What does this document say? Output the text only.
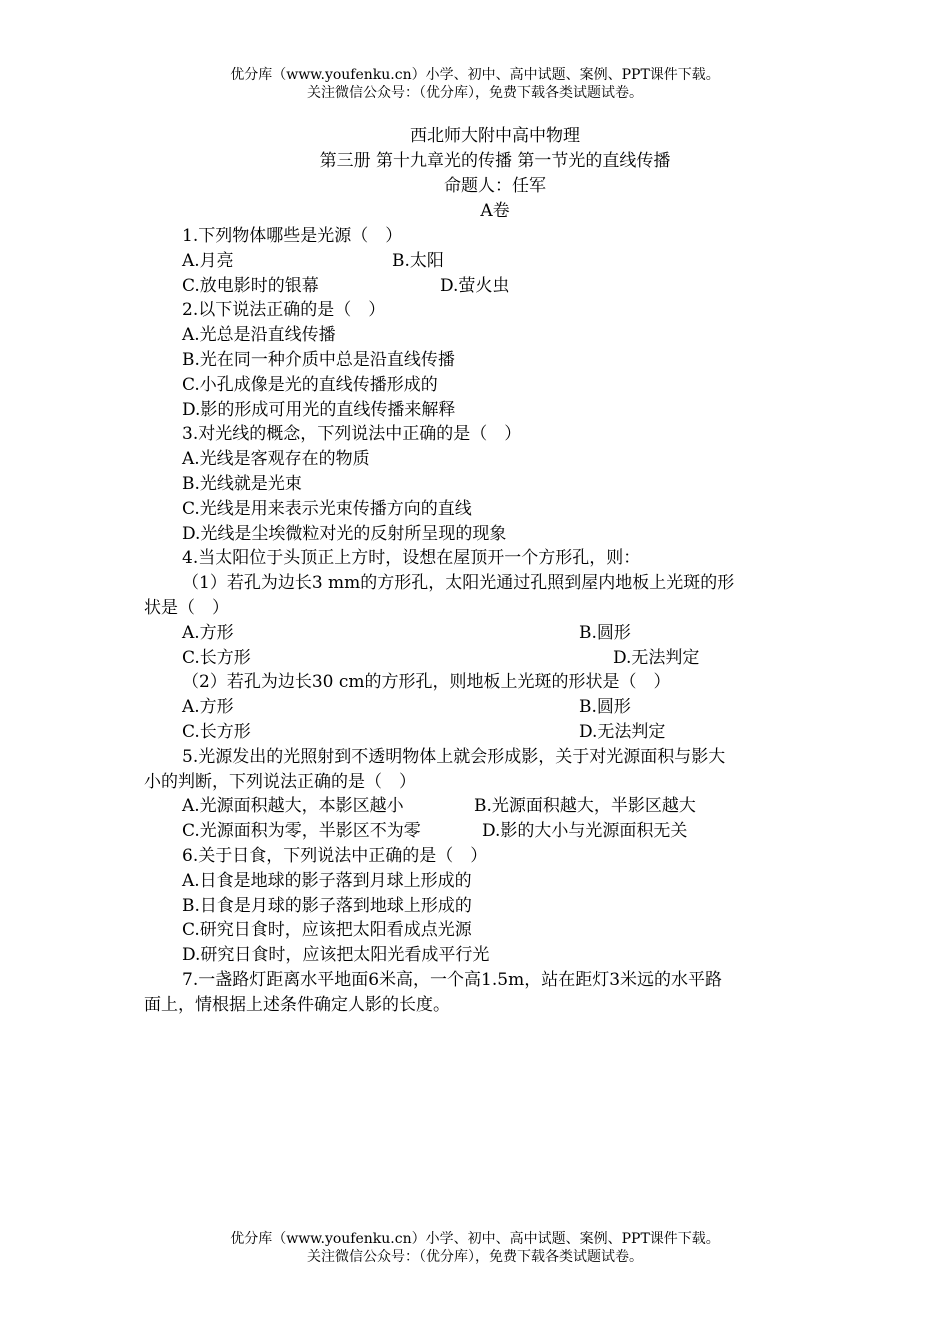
优分库（www.youfenku.cn）小学、初中、高中试题、案例、PPT课件下载。
关注微信公众号：（优分库），免费下载各类试题试卷。
西北师大附中高中物理
第三册 第十九章光的传播 第一节光的直线传播
命题人：任军
A卷
1.下列物体哪些是光源（　）
A.月亮	B.太阳
C.放电影时的银幕	D.萤火虫
2.以下说法正确的是（　）
A.光总是沿直线传播
B.光在同一种介质中总是沿直线传播
C.小孔成像是光的直线传播形成的
D.影的形成可用光的直线传播来解释
3.对光线的概念，下列说法中正确的是（　）
A.光线是客观存在的物质
B.光线就是光束
C.光线是用来表示光束传播方向的直线
D.光线是尘埃微粒对光的反射所呈现的现象
4.当太阳位于头顶正上方时，设想在屋顶开一个方形孔，则：
（1）若孔为边长3 mm的方形孔，太阳光通过孔照到屋内地板上光斑的形
状是（　）
A.方形	B.圆形
C.长方形	D.无法判定
（2）若孔为边长30 cm的方形孔，则地板上光斑的形状是（　）
A.方形	B.圆形
C.长方形	D.无法判定
5.光源发出的光照射到不透明物体上就会形成影，关于对光源面积与影大
小的判断，下列说法正确的是（　）
A.光源面积越大，本影区越小	B.光源面积越大，半影区越大
C.光源面积为零，半影区不为零	D.影的大小与光源面积无关
6.关于日食，下列说法中正确的是（　）
A.日食是地球的影子落到月球上形成的
B.日食是月球的影子落到地球上形成的
C.研究日食时，应该把太阳看成点光源
D.研究日食时，应该把太阳光看成平行光
7.一盏路灯距离水平地面6米高，一个高1.5m，站在距灯3米远的水平路
面上，情根据上述条件确定人影的长度。
优分库（www.youfenku.cn）小学、初中、高中试题、案例、PPT课件下载。
关注微信公众号：（优分库），免费下载各类试题试卷。
